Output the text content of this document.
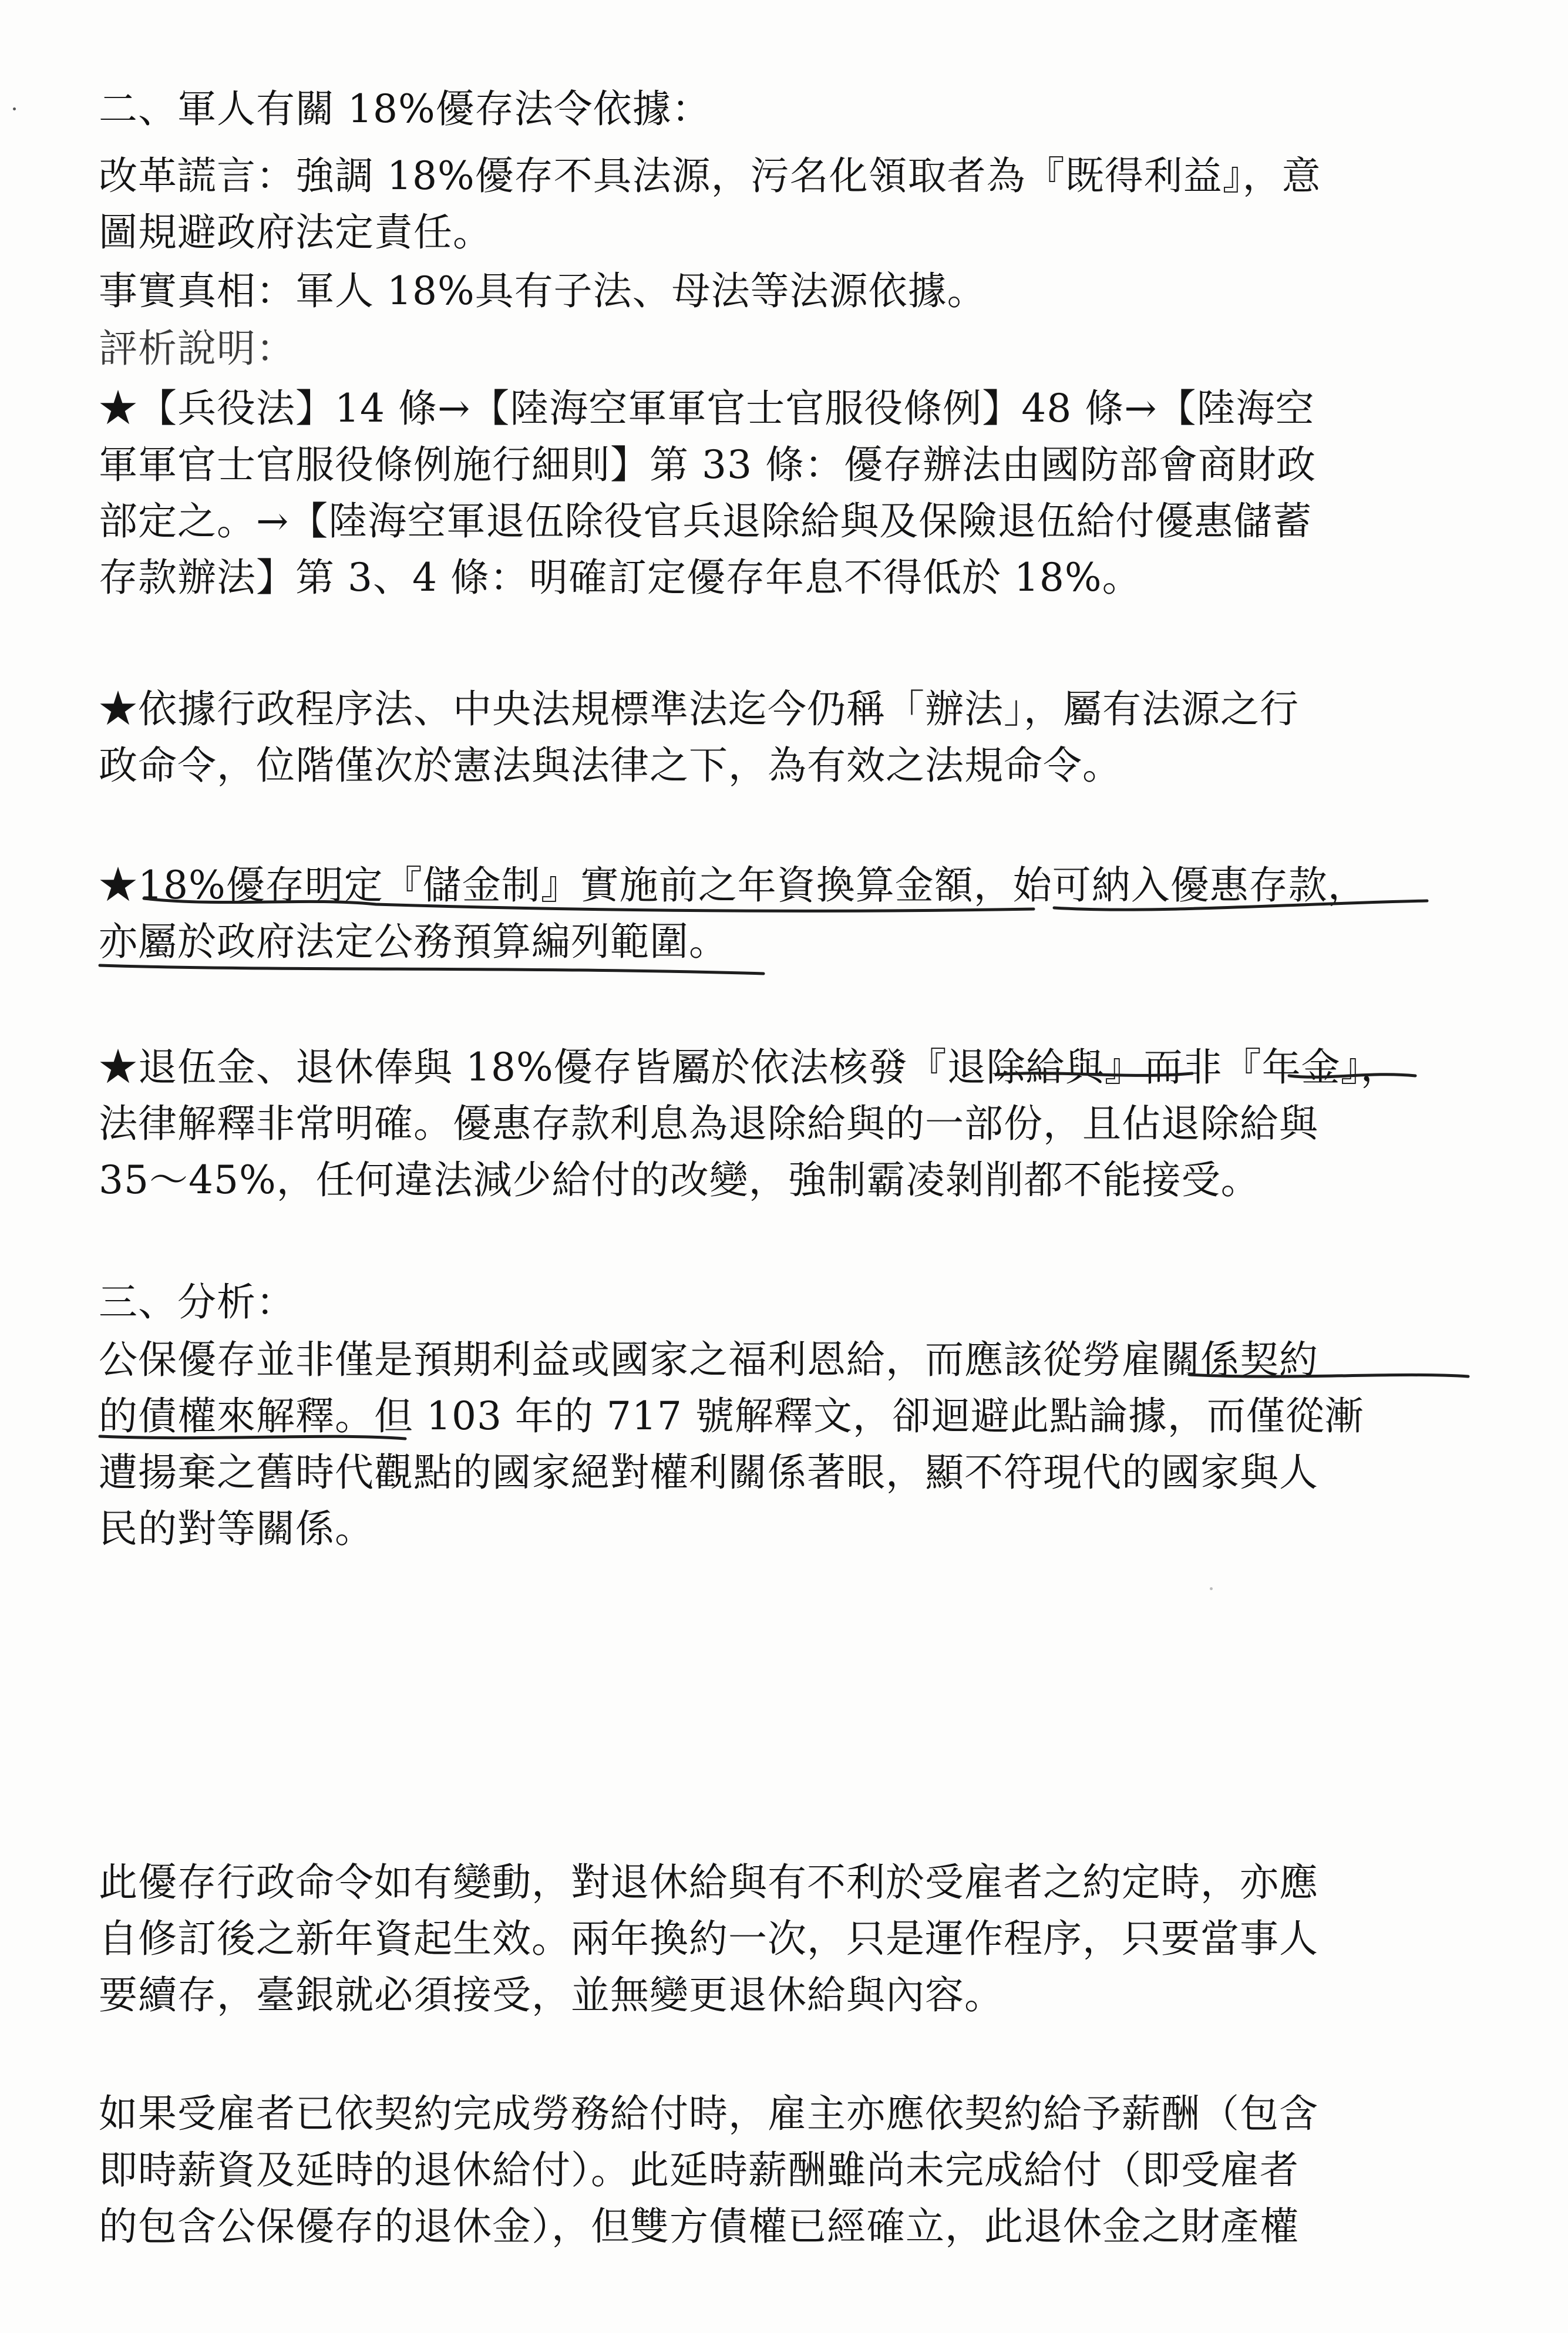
二、軍人有關 18%優存法令依據：
改革謊言：強調 18%優存不具法源，污名化領取者為『既得利益』，意
圖規避政府法定責任。
事實真相：軍人 18%具有子法、母法等法源依據。
評析說明：
★【兵役法】14 條→【陸海空軍軍官士官服役條例】48 條→【陸海空
軍軍官士官服役條例施行細則】第 33 條：優存辦法由國防部會商財政
部定之。→【陸海空軍退伍除役官兵退除給與及保險退伍給付優惠儲蓄
存款辦法】第 3、4 條：明確訂定優存年息不得低於 18%。
★依據行政程序法、中央法規標準法迄今仍稱「辦法」，屬有法源之行
政命令，位階僅次於憲法與法律之下，為有效之法規命令。
★18%優存明定『儲金制』實施前之年資換算金額，始可納入優惠存款，
亦屬於政府法定公務預算編列範圍。
★退伍金、退休俸與 18%優存皆屬於依法核發『退除給與』而非『年金』，
法律解釋非常明確。優惠存款利息為退除給與的一部份，且佔退除給與
35～45%，任何違法減少給付的改變，強制霸凌剝削都不能接受。
三、分析：
公保優存並非僅是預期利益或國家之福利恩給，而應該從勞雇關係契約
的債權來解釋。但 103 年的 717 號解釋文，卻迴避此點論據，而僅從漸
遭揚棄之舊時代觀點的國家絕對權利關係著眼，顯不符現代的國家與人
民的對等關係。
此優存行政命令如有變動，對退休給與有不利於受雇者之約定時，亦應
自修訂後之新年資起生效。兩年換約一次，只是運作程序，只要當事人
要續存，臺銀就必須接受，並無變更退休給與內容。
如果受雇者已依契約完成勞務給付時，雇主亦應依契約給予薪酬（包含
即時薪資及延時的退休給付）。此延時薪酬雖尚未完成給付（即受雇者
的包含公保優存的退休金），但雙方債權已經確立，此退休金之財產權
